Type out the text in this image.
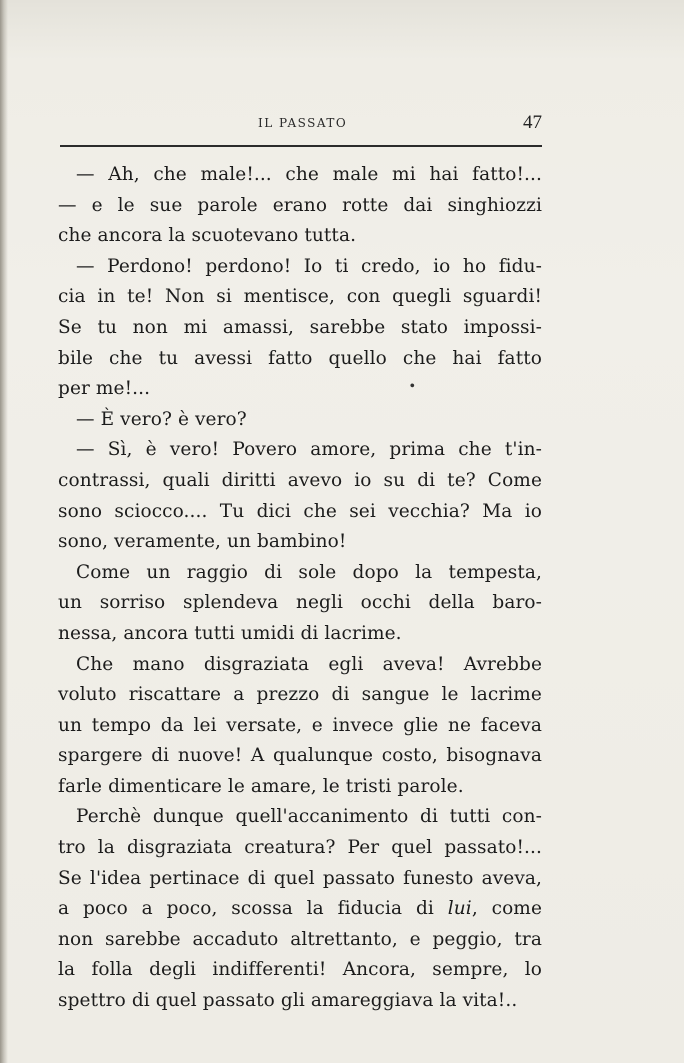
IL PASSATO	47
— Ah, che male!... che male mi hai fatto!...
— e le sue parole erano rotte dai singhiozzi
che ancora la scuotevano tutta.
— Perdono! perdono! Io ti credo, io ho fidu-
cia in te! Non si mentisce, con quegli sguardi!
Se tu non mi amassi, sarebbe stato impossi-
bile che tu avessi fatto quello che hai fatto
per me!...
— È vero? è vero?
— Sì, è vero! Povero amore, prima che t'in-
contrassi, quali diritti avevo io su di te? Come
sono sciocco.... Tu dici che sei vecchia? Ma io
sono, veramente, un bambino!
Come un raggio di sole dopo la tempesta,
un sorriso splendeva negli occhi della baro-
nessa, ancora tutti umidi di lacrime.
Che mano disgraziata egli aveva! Avrebbe
voluto riscattare a prezzo di sangue le lacrime
un tempo da lei versate, e invece glie ne faceva
spargere di nuove! A qualunque costo, bisognava
farle dimenticare le amare, le tristi parole.
Perchè dunque quell'accanimento di tutti con-
tro la disgraziata creatura? Per quel passato!...
Se l'idea pertinace di quel passato funesto aveva,
a poco a poco, scossa la fiducia di lui, come
non sarebbe accaduto altrettanto, e peggio, tra
la folla degli indifferenti! Ancora, sempre, lo
spettro di quel passato gli amareggiava la vita!..
•
